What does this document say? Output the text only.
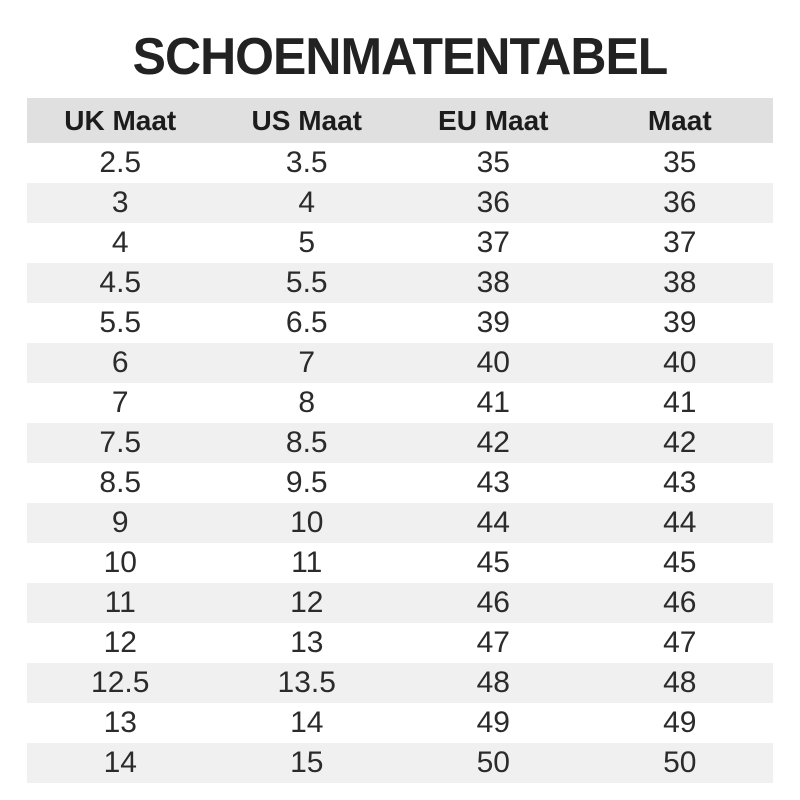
SCHOENMATENTABEL
UK Maat	US Maat	EU Maat	Maat
2.5	3.5	35	35
3	4	36	36
4	5	37	37
4.5	5.5	38	38
5.5	6.5	39	39
6	7	40	40
7	8	41	41
7.5	8.5	42	42
8.5	9.5	43	43
9	10	44	44
10	11	45	45
11	12	46	46
12	13	47	47
12.5	13.5	48	48
13	14	49	49
14	15	50	50
